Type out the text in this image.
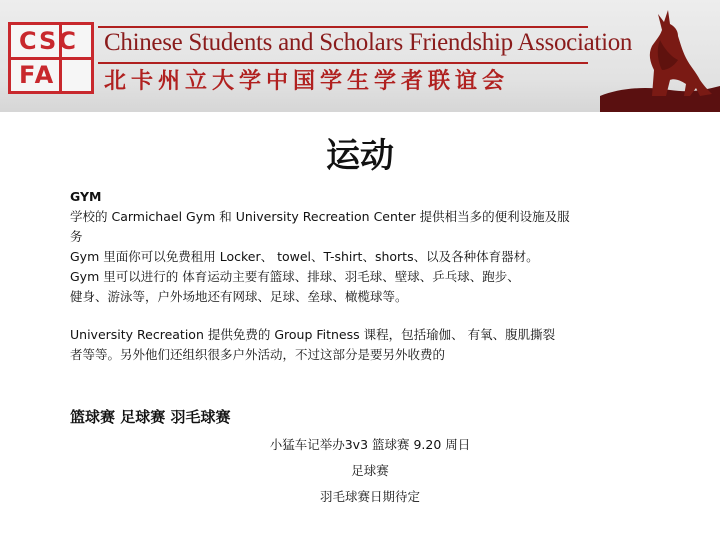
CSC
FA
Chinese Students and Scholars Friendship Association
北卡州立大学中国学生学者联谊会
运动
GYM
学校的 Carmichael Gym 和 University Recreation Center 提供相当多的便利设施及服
务
Gym 里面你可以免费租用 Locker、 towel、T-shirt、shorts、以及各种体育器材。
Gym 里可以进行的 体育运动主要有篮球、排球、羽毛球、壁球、乒乓球、跑步、
健身、游泳等，户外场地还有网球、足球、垒球、橄榄球等。
University Recreation 提供免费的 Group Fitness 课程，包括瑜伽、 有氧、腹肌撕裂
者等等。另外他们还组织很多户外活动，不过这部分是要另外收费的
篮球赛 足球赛 羽毛球赛
小猛车记举办3v3 篮球赛 9.20 周日
足球赛
羽毛球赛日期待定
